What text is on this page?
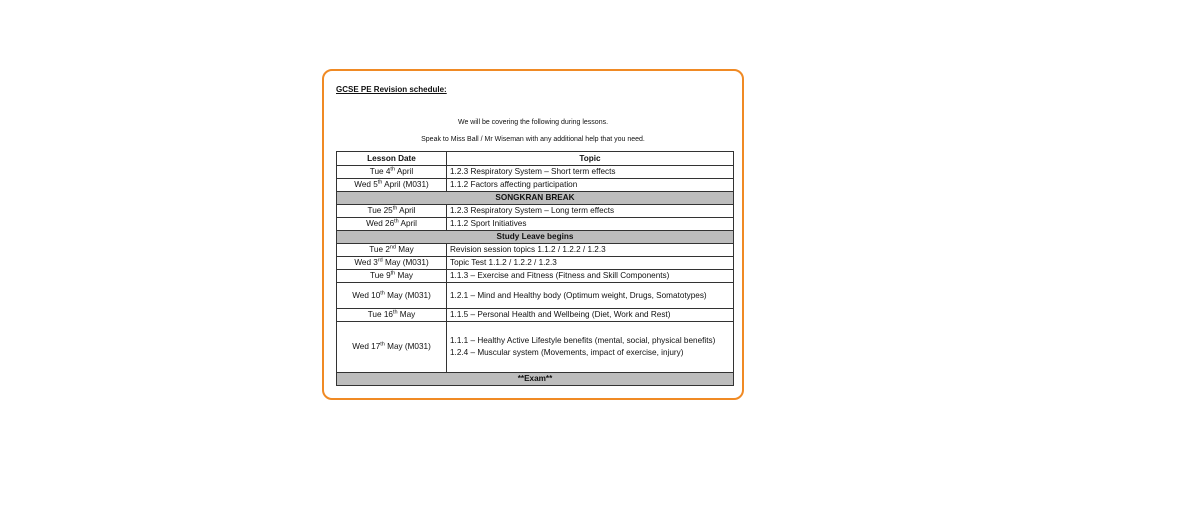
GCSE PE Revision schedule:
We will be covering the following during lessons.
Speak to Miss Ball / Mr Wiseman with any additional help that you need.
Lesson Date	Topic
Tue 4th April	1.2.3 Respiratory System – Short term effects
Wed 5th April (M031)	1.1.2 Factors affecting participation
SONGKRAN BREAK	
Tue 25th April	1.2.3 Respiratory System – Long term effects
Wed 26th April	1.1.2 Sport Initiatives
Study Leave begins	
Tue 2nd May	Revision session topics 1.1.2 / 1.2.2 / 1.2.3
Wed 3rd May (M031)	Topic Test 1.1.2 / 1.2.2 / 1.2.3
Tue 9th May	1.1.3 – Exercise and Fitness (Fitness and Skill Components)
Wed 10th May (M031)	1.2.1 – Mind and Healthy body (Optimum weight, Drugs, Somatotypes)
Tue 16th May	1.1.5 – Personal Health and Wellbeing (Diet, Work and Rest)
Wed 17th May (M031)	1.1.1 – Healthy Active Lifestyle benefits (mental, social, physical benefits)
1.2.4 – Muscular system (Movements, impact of exercise, injury)

**Exam**	
